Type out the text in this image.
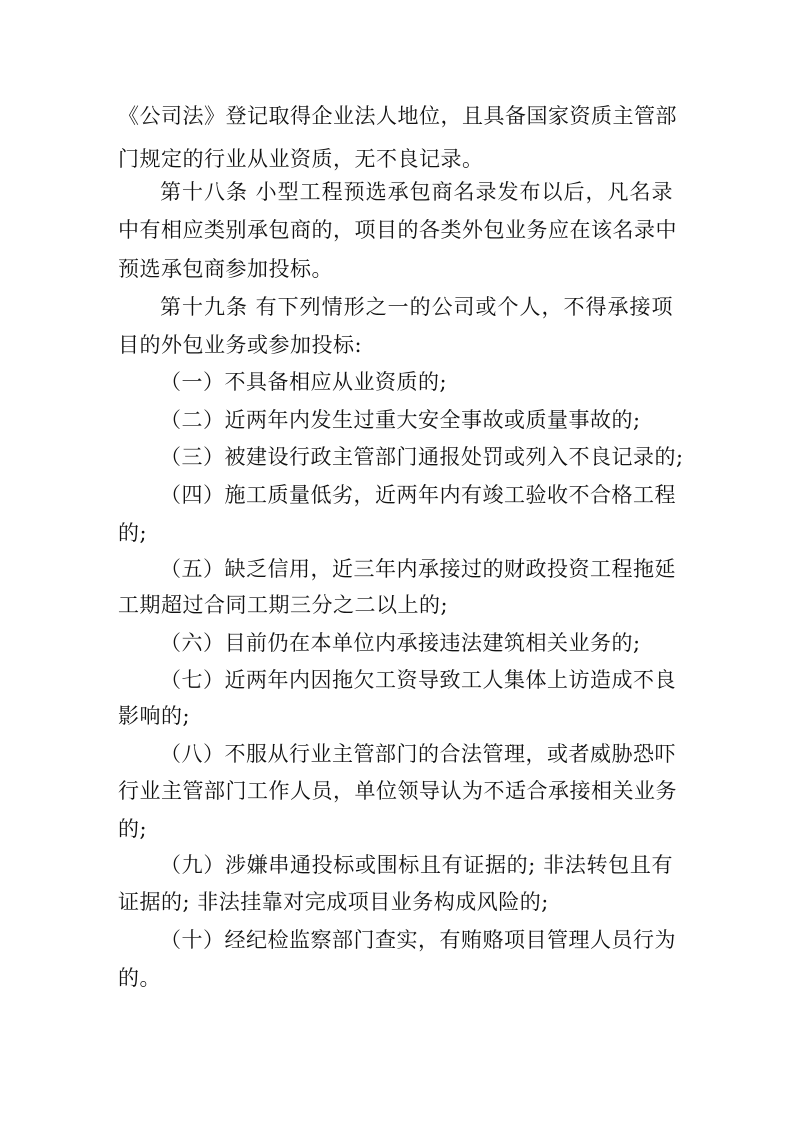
《公司法》登记取得企业法人地位，且具备国家资质主管部
门规定的行业从业资质，无不良记录。
第十八条 小型工程预选承包商名录发布以后，凡名录
中有相应类别承包商的，项目的各类外包业务应在该名录中
预选承包商参加投标。
第十九条 有下列情形之一的公司或个人，不得承接项
目的外包业务或参加投标:
（一）不具备相应从业资质的;
（二）近两年内发生过重大安全事故或质量事故的;
（三）被建设行政主管部门通报处罚或列入不良记录的;
（四）施工质量低劣，近两年内有竣工验收不合格工程
的;
（五）缺乏信用，近三年内承接过的财政投资工程拖延
工期超过合同工期三分之二以上的;
（六）目前仍在本单位内承接违法建筑相关业务的;
（七）近两年内因拖欠工资导致工人集体上访造成不良
影响的;
（八）不服从行业主管部门的合法管理，或者威胁恐吓
行业主管部门工作人员，单位领导认为不适合承接相关业务
的;
（九）涉嫌串通投标或围标且有证据的; 非法转包且有
证据的; 非法挂靠对完成项目业务构成风险的;
（十）经纪检监察部门查实，有贿赂项目管理人员行为
的。
